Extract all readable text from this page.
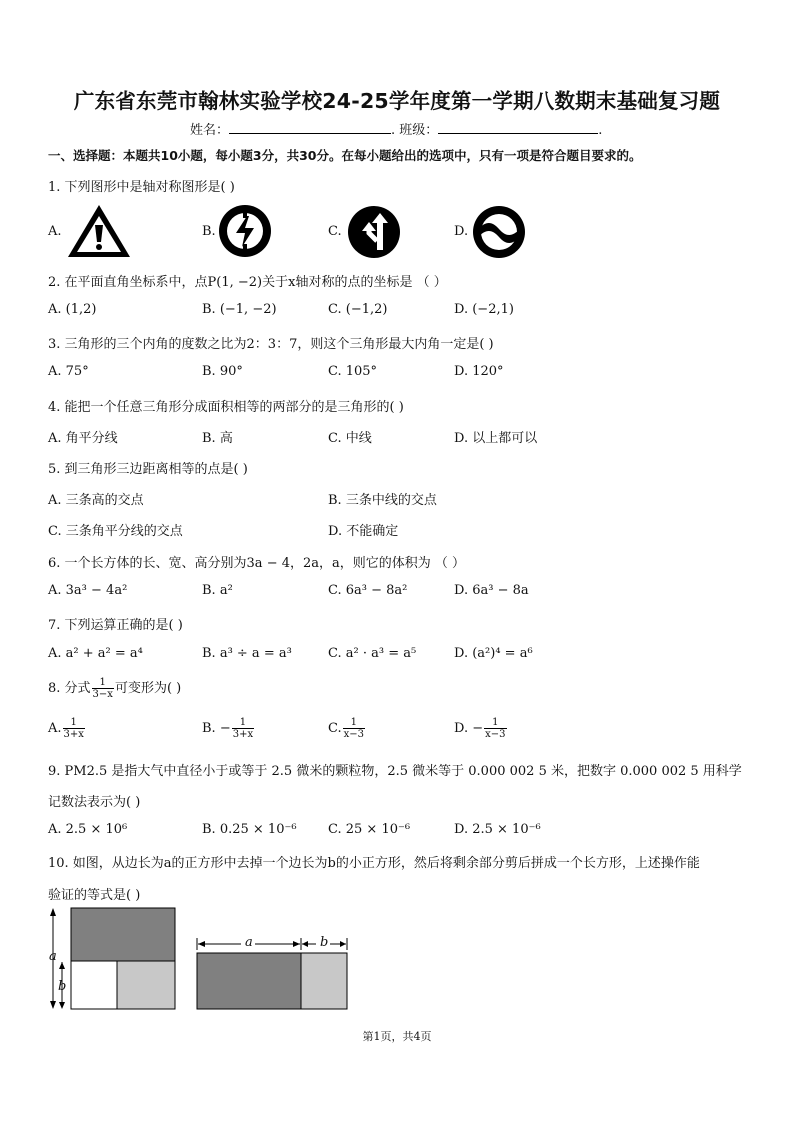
广东省东莞市翰林实验学校24-25学年度第一学期八数期末基础复习题
姓名：	. 班级：	.
一、选择题：本题共10小题，每小题3分，共30分。在每小题给出的选项中，只有一项是符合题目要求的。
1. 下列图形中是轴对称图形是( )
A.	B.	C.	D.
2. 在平面直角坐标系中，点P(1, −2)关于x轴对称的点的坐标是 （ ）
A. (1,2)	B. (−1, −2)	C. (−1,2)	D. (−2,1)
3. 三角形的三个内角的度数之比为2：3：7，则这个三角形最大内角一定是( )
A. 75°	B. 90°	C. 105°	D. 120°
4. 能把一个任意三角形分成面积相等的两部分的是三角形的( )
A. 角平分线	B. 高	C. 中线	D. 以上都可以
5. 到三角形三边距离相等的点是( )
A. 三条高的交点	B. 三条中线的交点
C. 三条角平分线的交点	D. 不能确定
6. 一个长方体的长、宽、高分别为3a − 4，2a，a，则它的体积为 （ ）
A. 3a³ − 4a²	B. a²	C. 6a³ − 8a²	D. 6a³ − 8a
7. 下列运算正确的是( )
A. a² + a² = a⁴	B. a³ ÷ a = a³	C. a² · a³ = a⁵	D. (a²)⁴ = a⁶
8. 分式 $\frac{1}{3-x}$ 可变形为( )
A. $\frac{1}{3+x}$	B. − $\frac{1}{3+x}$	C. $\frac{1}{x-3}$	D. − $\frac{1}{x-3}$
9. PM2.5 是指大气中直径小于或等于 2.5 微米的颗粒物，2.5 微米等于 0.000 002 5 米，把数字 0.000 002 5 用科学
记数法表示为( )
A. 2.5 × 10⁶	B. 0.25 × 10⁻⁶ C. 25 × 10⁻⁶	D. 2.5 × 10⁻⁶
10. 如图，从边长为a的正方形中去掉一个边长为b的小正方形，然后将剩余部分剪后拼成一个长方形，上述操作能
验证的等式是( )
a
b
a	b
第1页，共4页
